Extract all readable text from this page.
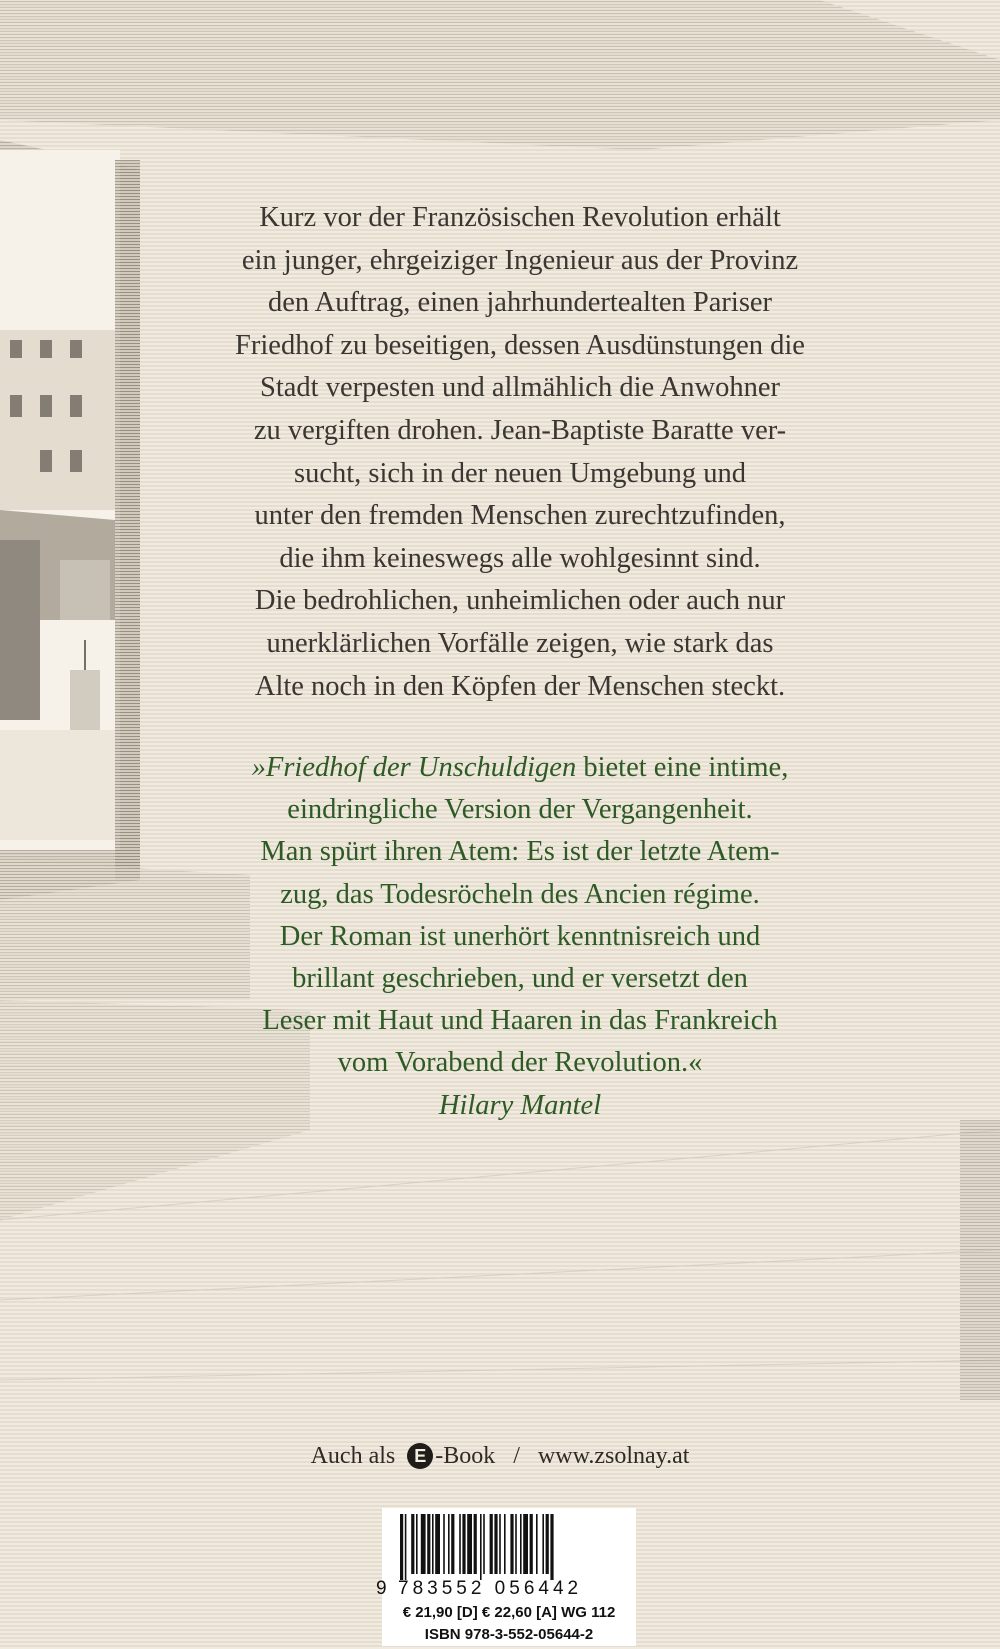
Kurz vor der Französischen Revolution erhält
ein junger, ehrgeiziger Ingenieur aus der Provinz
den Auftrag, einen jahrhundertealten Pariser
Friedhof zu beseitigen, dessen Ausdünstungen die
Stadt verpesten und allmählich die Anwohner
zu vergiften drohen. Jean-Baptiste Baratte ver-
sucht, sich in der neuen Umgebung und
unter den fremden Menschen zurechtzufinden,
die ihm keineswegs alle wohlgesinnt sind.
Die bedrohlichen, unheimlichen oder auch nur
unerklärlichen Vorfälle zeigen, wie stark das
Alte noch in den Köpfen der Menschen steckt.
»Friedhof der Unschuldigen bietet eine intime,
eindringliche Version der Vergangenheit.
Man spürt ihren Atem: Es ist der letzte Atem-
zug, das Todesröcheln des Ancien régime.
Der Roman ist unerhört kenntnisreich und
brillant geschrieben, und er versetzt den
Leser mit Haut und Haaren in das Frankreich
vom Vorabend der Revolution.«
Hilary Mantel
Auch als E -Book / www.zsolnay.at
9 783552 056442
€ 21,90 [D] € 22,60 [A] WG 112
ISBN 978-3-552-05644-2
